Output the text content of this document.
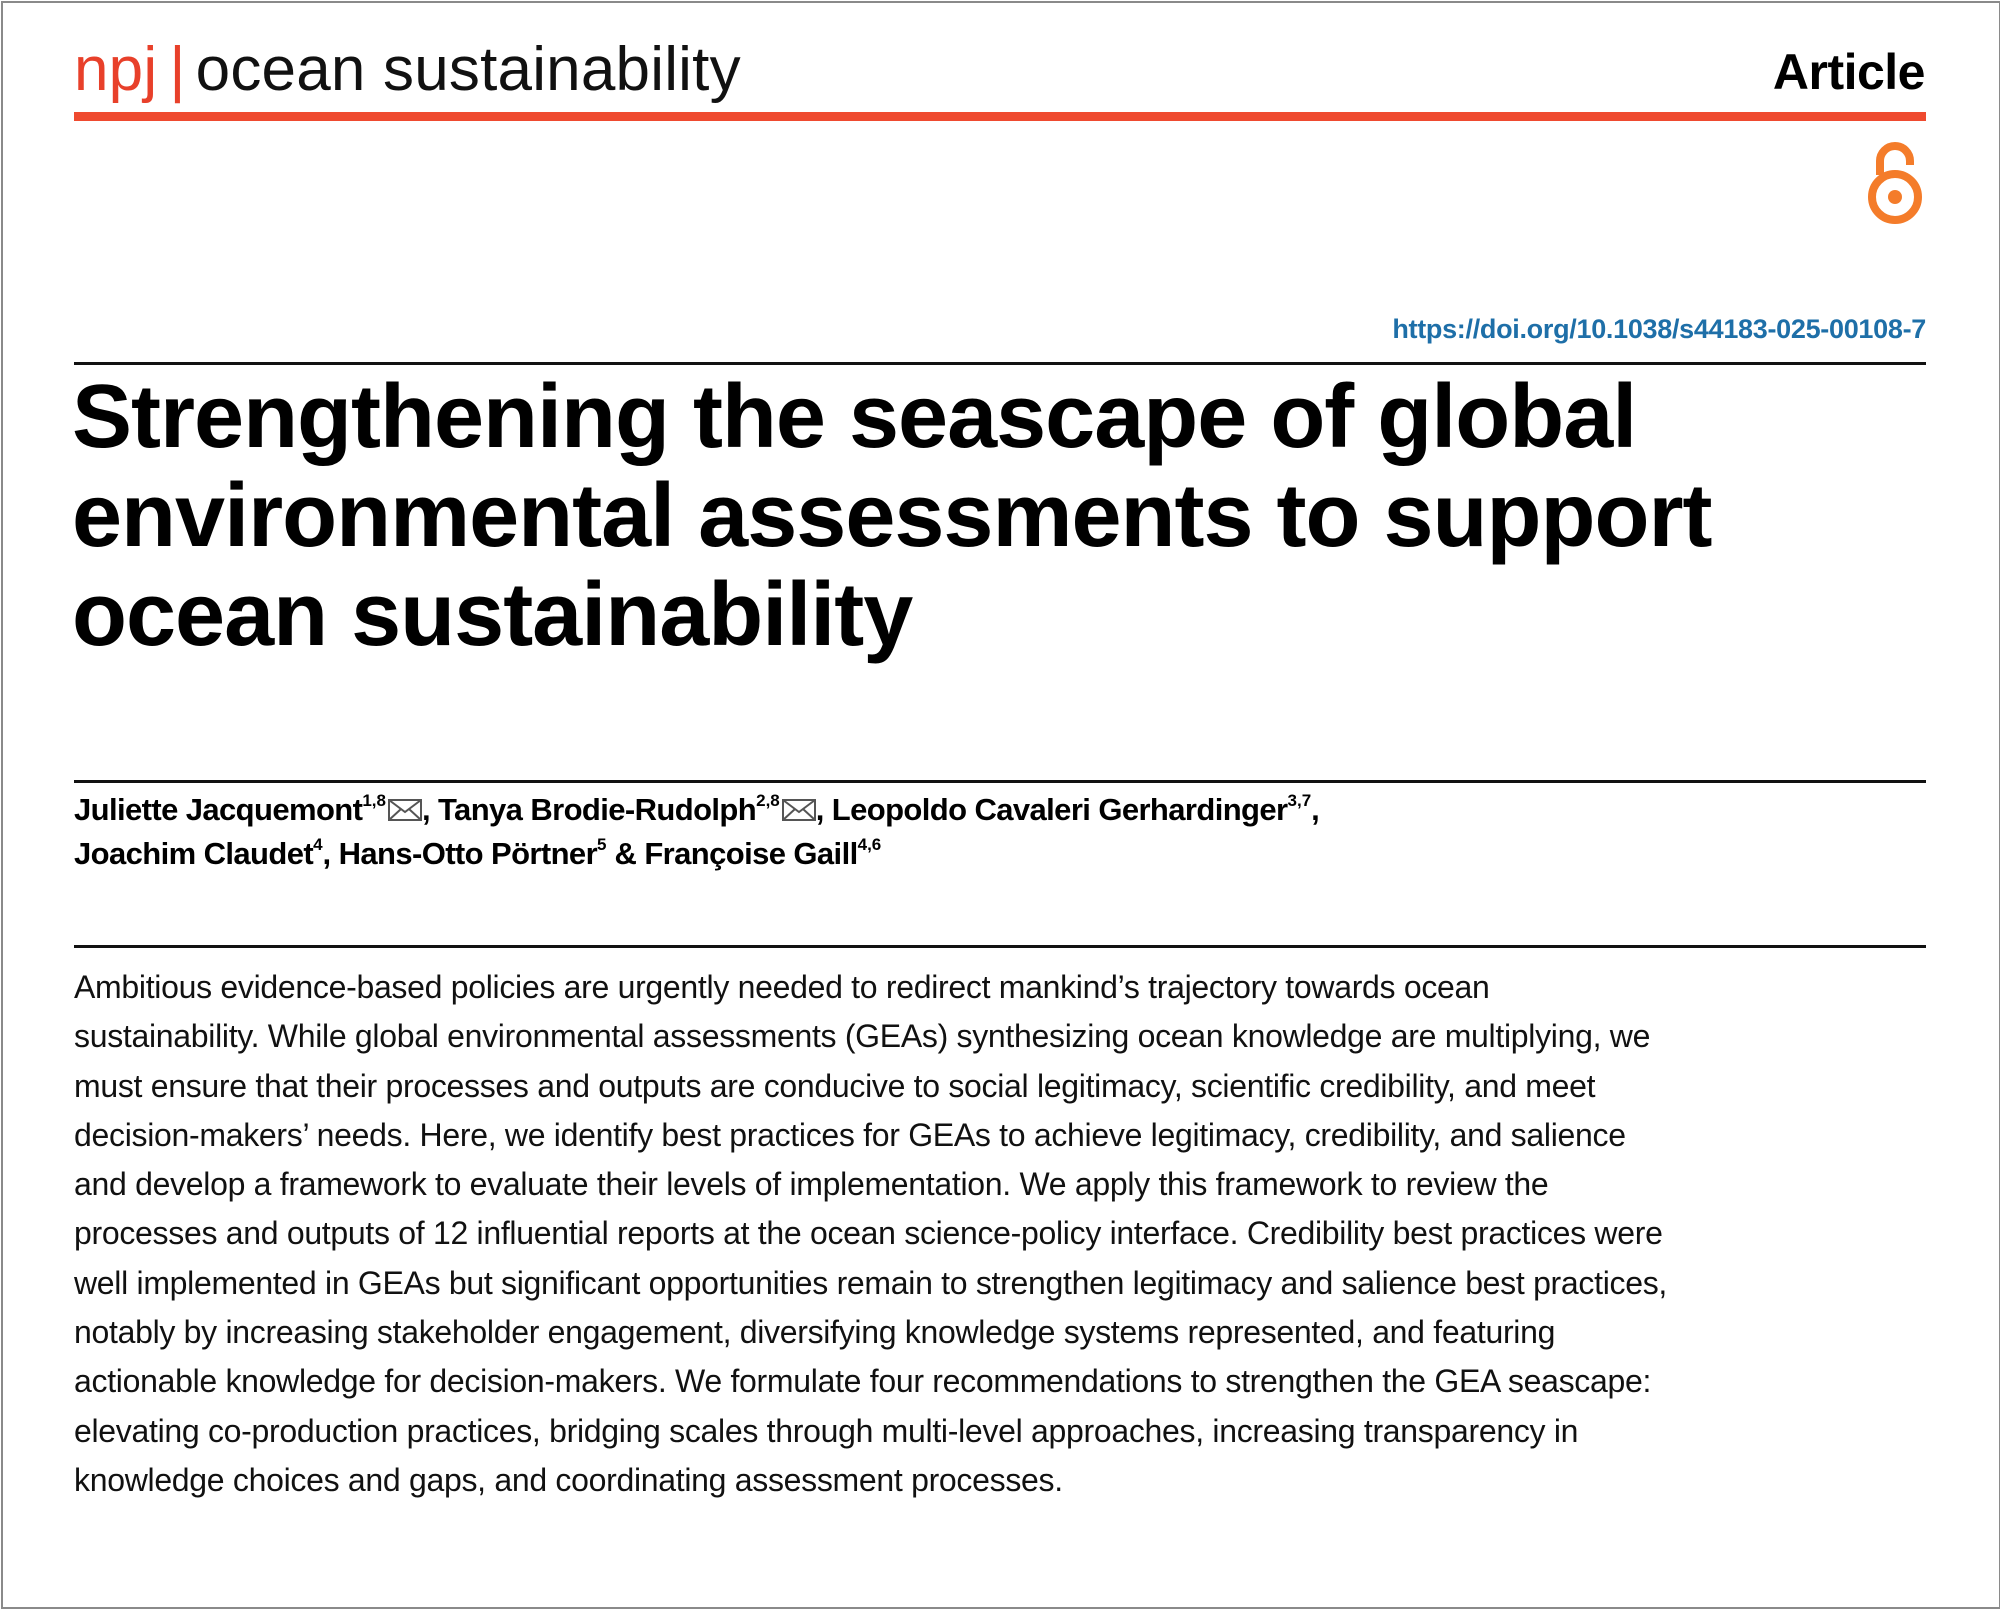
npj | ocean sustainability	Article
https://doi.org/10.1038/s44183-025-00108-7
Strengthening the seascape of global environmental assessments to support ocean sustainability
Juliette Jacquemont$^{1,8}$ , Tanya Brodie-Rudolph$^{2,8}$ , Leopoldo Cavaleri Gerhardinger$^{3,7}$,
Joachim Claudet$^4$, Hans-Otto Pörtner$^5$ & Françoise Gaill$^{4,6}$

Ambitious evidence-based policies are urgently needed to redirect mankind’s trajectory towards ocean sustainability. While global environmental assessments (GEAs) synthesizing ocean knowledge are multiplying, we must ensure that their processes and outputs are conducive to social legitimacy, scientific credibility, and meet decision-makers’ needs. Here, we identify best practices for GEAs to achieve legitimacy, credibility, and salience and develop a framework to evaluate their levels of implementation. We apply this framework to review the processes and outputs of 12 influential reports at the ocean science-policy interface. Credibility best practices were well implemented in GEAs but significant opportunities remain to strengthen legitimacy and salience best practices, notably by increasing stakeholder engagement, diversifying knowledge systems represented, and featuring actionable knowledge for decision-makers. We formulate four recommendations to strengthen the GEA seascape: elevating co-production practices, bridging scales through multi-level approaches, increasing transparency in knowledge choices and gaps, and coordinating assessment processes.
